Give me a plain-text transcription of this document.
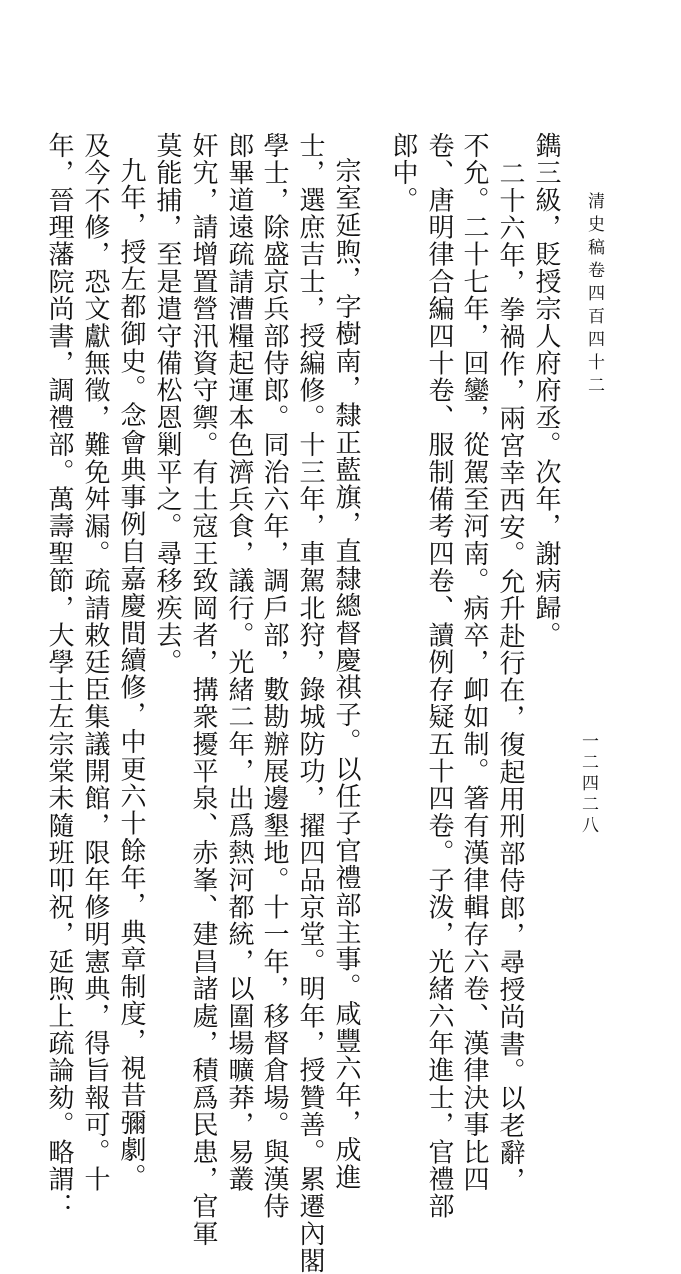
清史稿卷四百四十二
一二四二八
鐫三級，貶授宗人府府丞。次年，謝病歸。
二十六年，拳禍作，兩宮幸西安。允升赴行在，復起用刑部侍郎，尋授尚書。以老辭，
不允。二十七年，回鑾，從駕至河南。病卒，卹如制。箸有漢律輯存六卷、漢律決事比四
卷、唐明律合編四十卷、服制備考四卷、讀例存疑五十四卷。子泼，光緒六年進士，官禮部
郎中。
宗室延煦，字樹南，隸正藍旗，直隸總督慶祺子。以任子官禮部主事。咸豐六年，成進
士，選庶吉士，授編修。十三年，車駕北狩，錄城防功，擢四品京堂。明年，授贊善。累遷內閣
學士，除盛京兵部侍郎。同治六年，調戶部，數勘辦展邊墾地。十一年，移督倉場。與漢侍
郎畢道遠疏請漕糧起運本色濟兵食，議行。光緒二年，出爲熱河都統，以圍場曠莽，易叢
奸宄，請增置營汛資守禦。有土寇王致岡者，搆衆擾平泉、赤峯、建昌諸處，積爲民患，官軍
莫能捕，至是遣守備松恩剿平之。尋移疾去。
九年，授左都御史。念會典事例自嘉慶間續修，中更六十餘年，典章制度，視昔彌劇。
及今不修，恐文獻無徵，難免舛漏。疏請敕廷臣集議開館，限年修明憲典，得旨報可。十
年，晉理藩院尚書，調禮部。萬壽聖節，大學士左宗棠未隨班叩祝，延煦上疏論劾。略謂：
